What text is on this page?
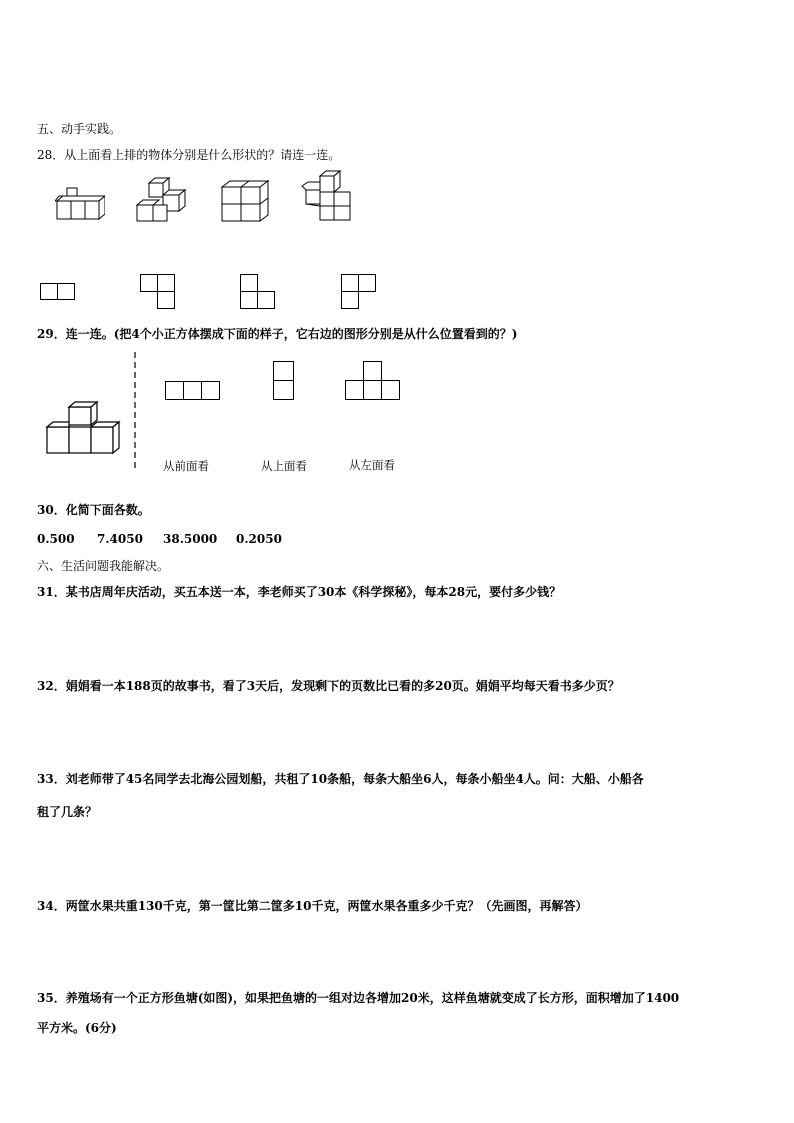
五、动手实践。
28．从上面看上排的物体分别是什么形状的？请连一连。
29．连一连。(把4个小正方体摆成下面的样子，它右边的图形分别是从什么位置看到的？)
从前面看	从上面看	从左面看
30．化简下面各数。
0.500 7.4050 38.5000 0.2050
六、生活问题我能解决。
31．某书店周年庆活动，买五本送一本，李老师买了30本《科学探秘》，每本28元，要付多少钱？
32．娟娟看一本188页的故事书，看了3天后，发现剩下的页数比已看的多20页。娟娟平均每天看书多少页？
33．刘老师带了45名同学去北海公园划船，共租了10条船，每条大船坐6人，每条小船坐4人。问：大船、小船各
租了几条？
34．两筐水果共重130千克，第一筐比第二筐多10千克，两筐水果各重多少千克？（先画图，再解答）
35．养殖场有一个正方形鱼塘(如图)，如果把鱼塘的一组对边各增加20米，这样鱼塘就变成了长方形，面积增加了1400
平方米。(6分)
